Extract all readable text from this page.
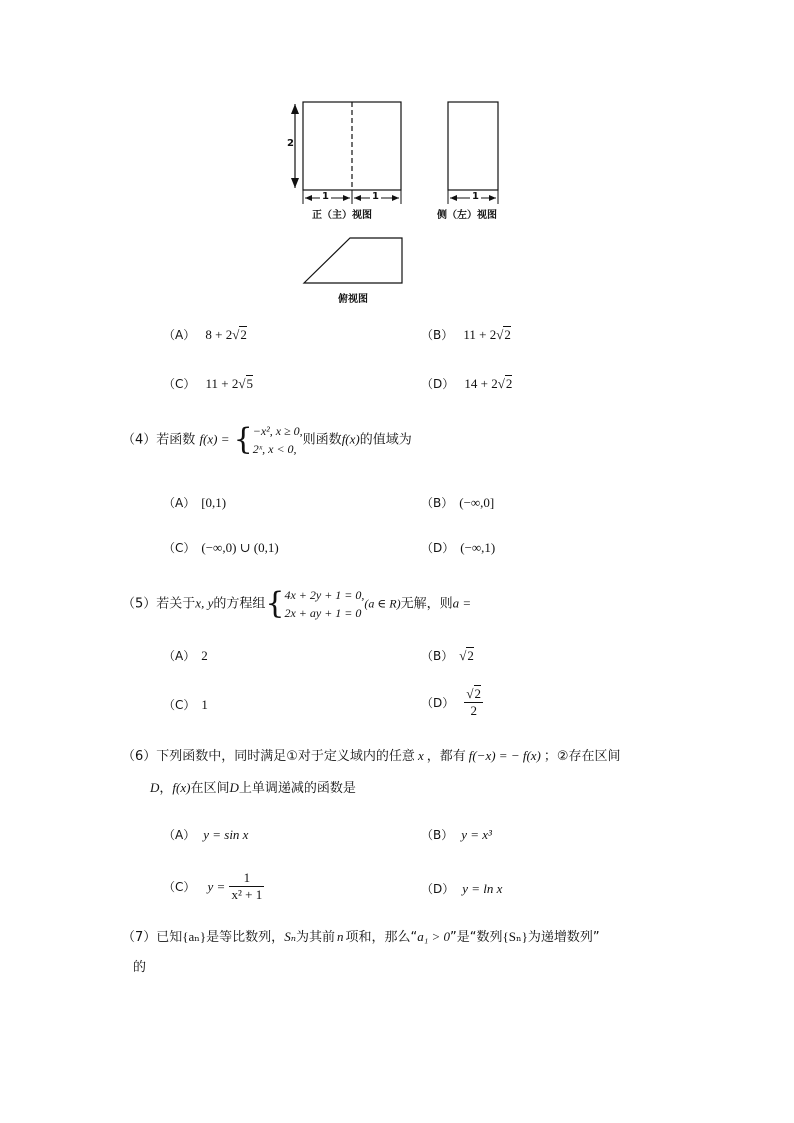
2
1	1	1
正（主）视图	侧（左）视图
俯视图
（A） 8 + 2√2	（B） 11 + 2√2
（C） 11 + 2√5	（D） 14 + 2√2
（4）若函数 f(x) = { −x², x ≥ 0,
2ˣ, x < 0,
则函数f(x)的值域为
（A） [0,1)	（B） (−∞,0]
（C） (−∞,0) ∪ (0,1)	（D） (−∞,1)
（5）若关于x, y的方程组{ 4x + 2y + 1 = 0,
2x + ay + 1 = 0
(a ∈ R)无解，则a =
（A） 2	（B） √2
（C） 1	$(D) \frac{√2}{2}$
（6）下列函数中，同时满足①对于定义域内的任意 x ，都有 f(−x) = − f(x) ；②存在区间
D，f(x)在区间D上单调递减的函数是
（A） y = sin x	（B） y = x³
（C） $y = \frac{1}{\text{x² + 1}}$	（D） y = ln x
（7）已知{aₙ}是等比数列，Sₙ为其前 n 项和，那么“a₁ > 0”是“数列{Sₙ}为递增数列”
的
